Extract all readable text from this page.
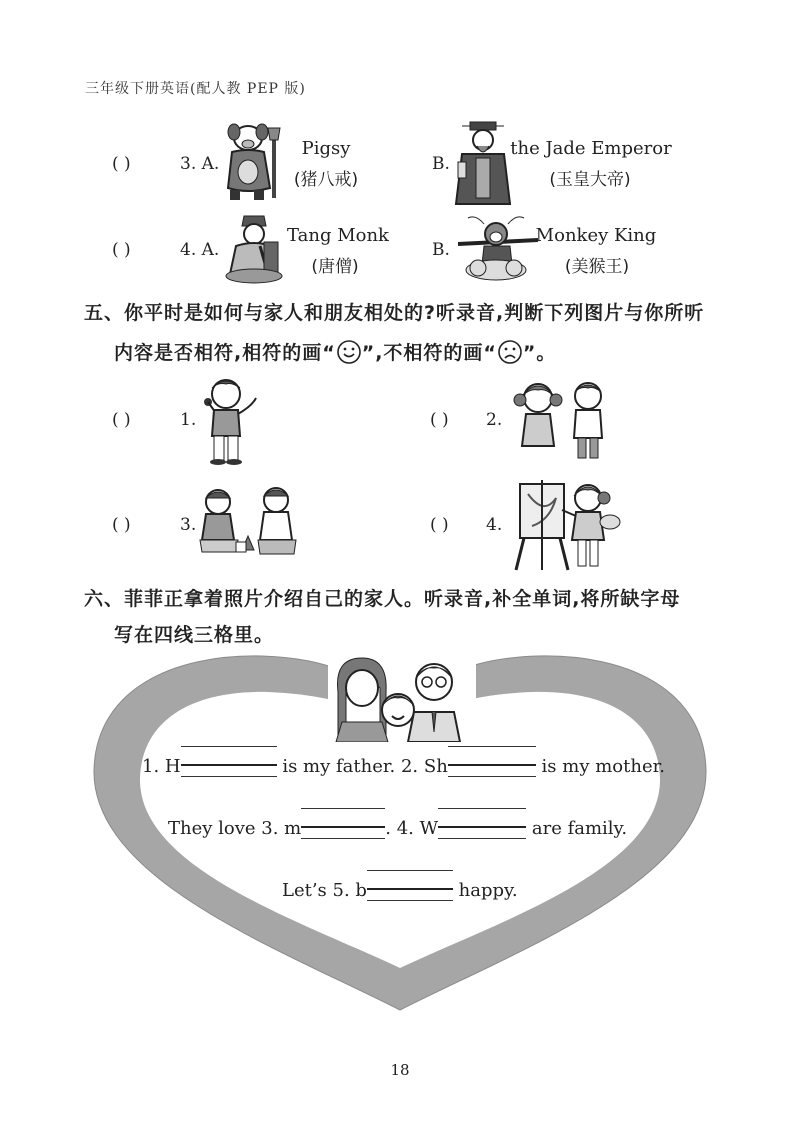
三年级下册英语(配人教 PEP 版)
( )	3. A.
Pigsy
(猪八戒)
B.
the Jade Emperor
(玉皇大帝)
( )	4. A.
Tang Monk
(唐僧)
B.
Monkey King
(美猴王)
五、你平时是如何与家人和朋友相处的?听录音,判断下列图片与你所听
内容是否相符,相符的画“ ”,不相符的画“ ”。
( )	1.	( ) 2.
( )	3.	( ) 4.
六、菲菲正拿着照片介绍自己的家人。听录音,补全单词,将所缺字母
写在四线三格里。
1. H	is my father. 2. Sh	is my mother.
They love 3. m	. 4. W	are family.
Let’s 5. b	happy.
18
